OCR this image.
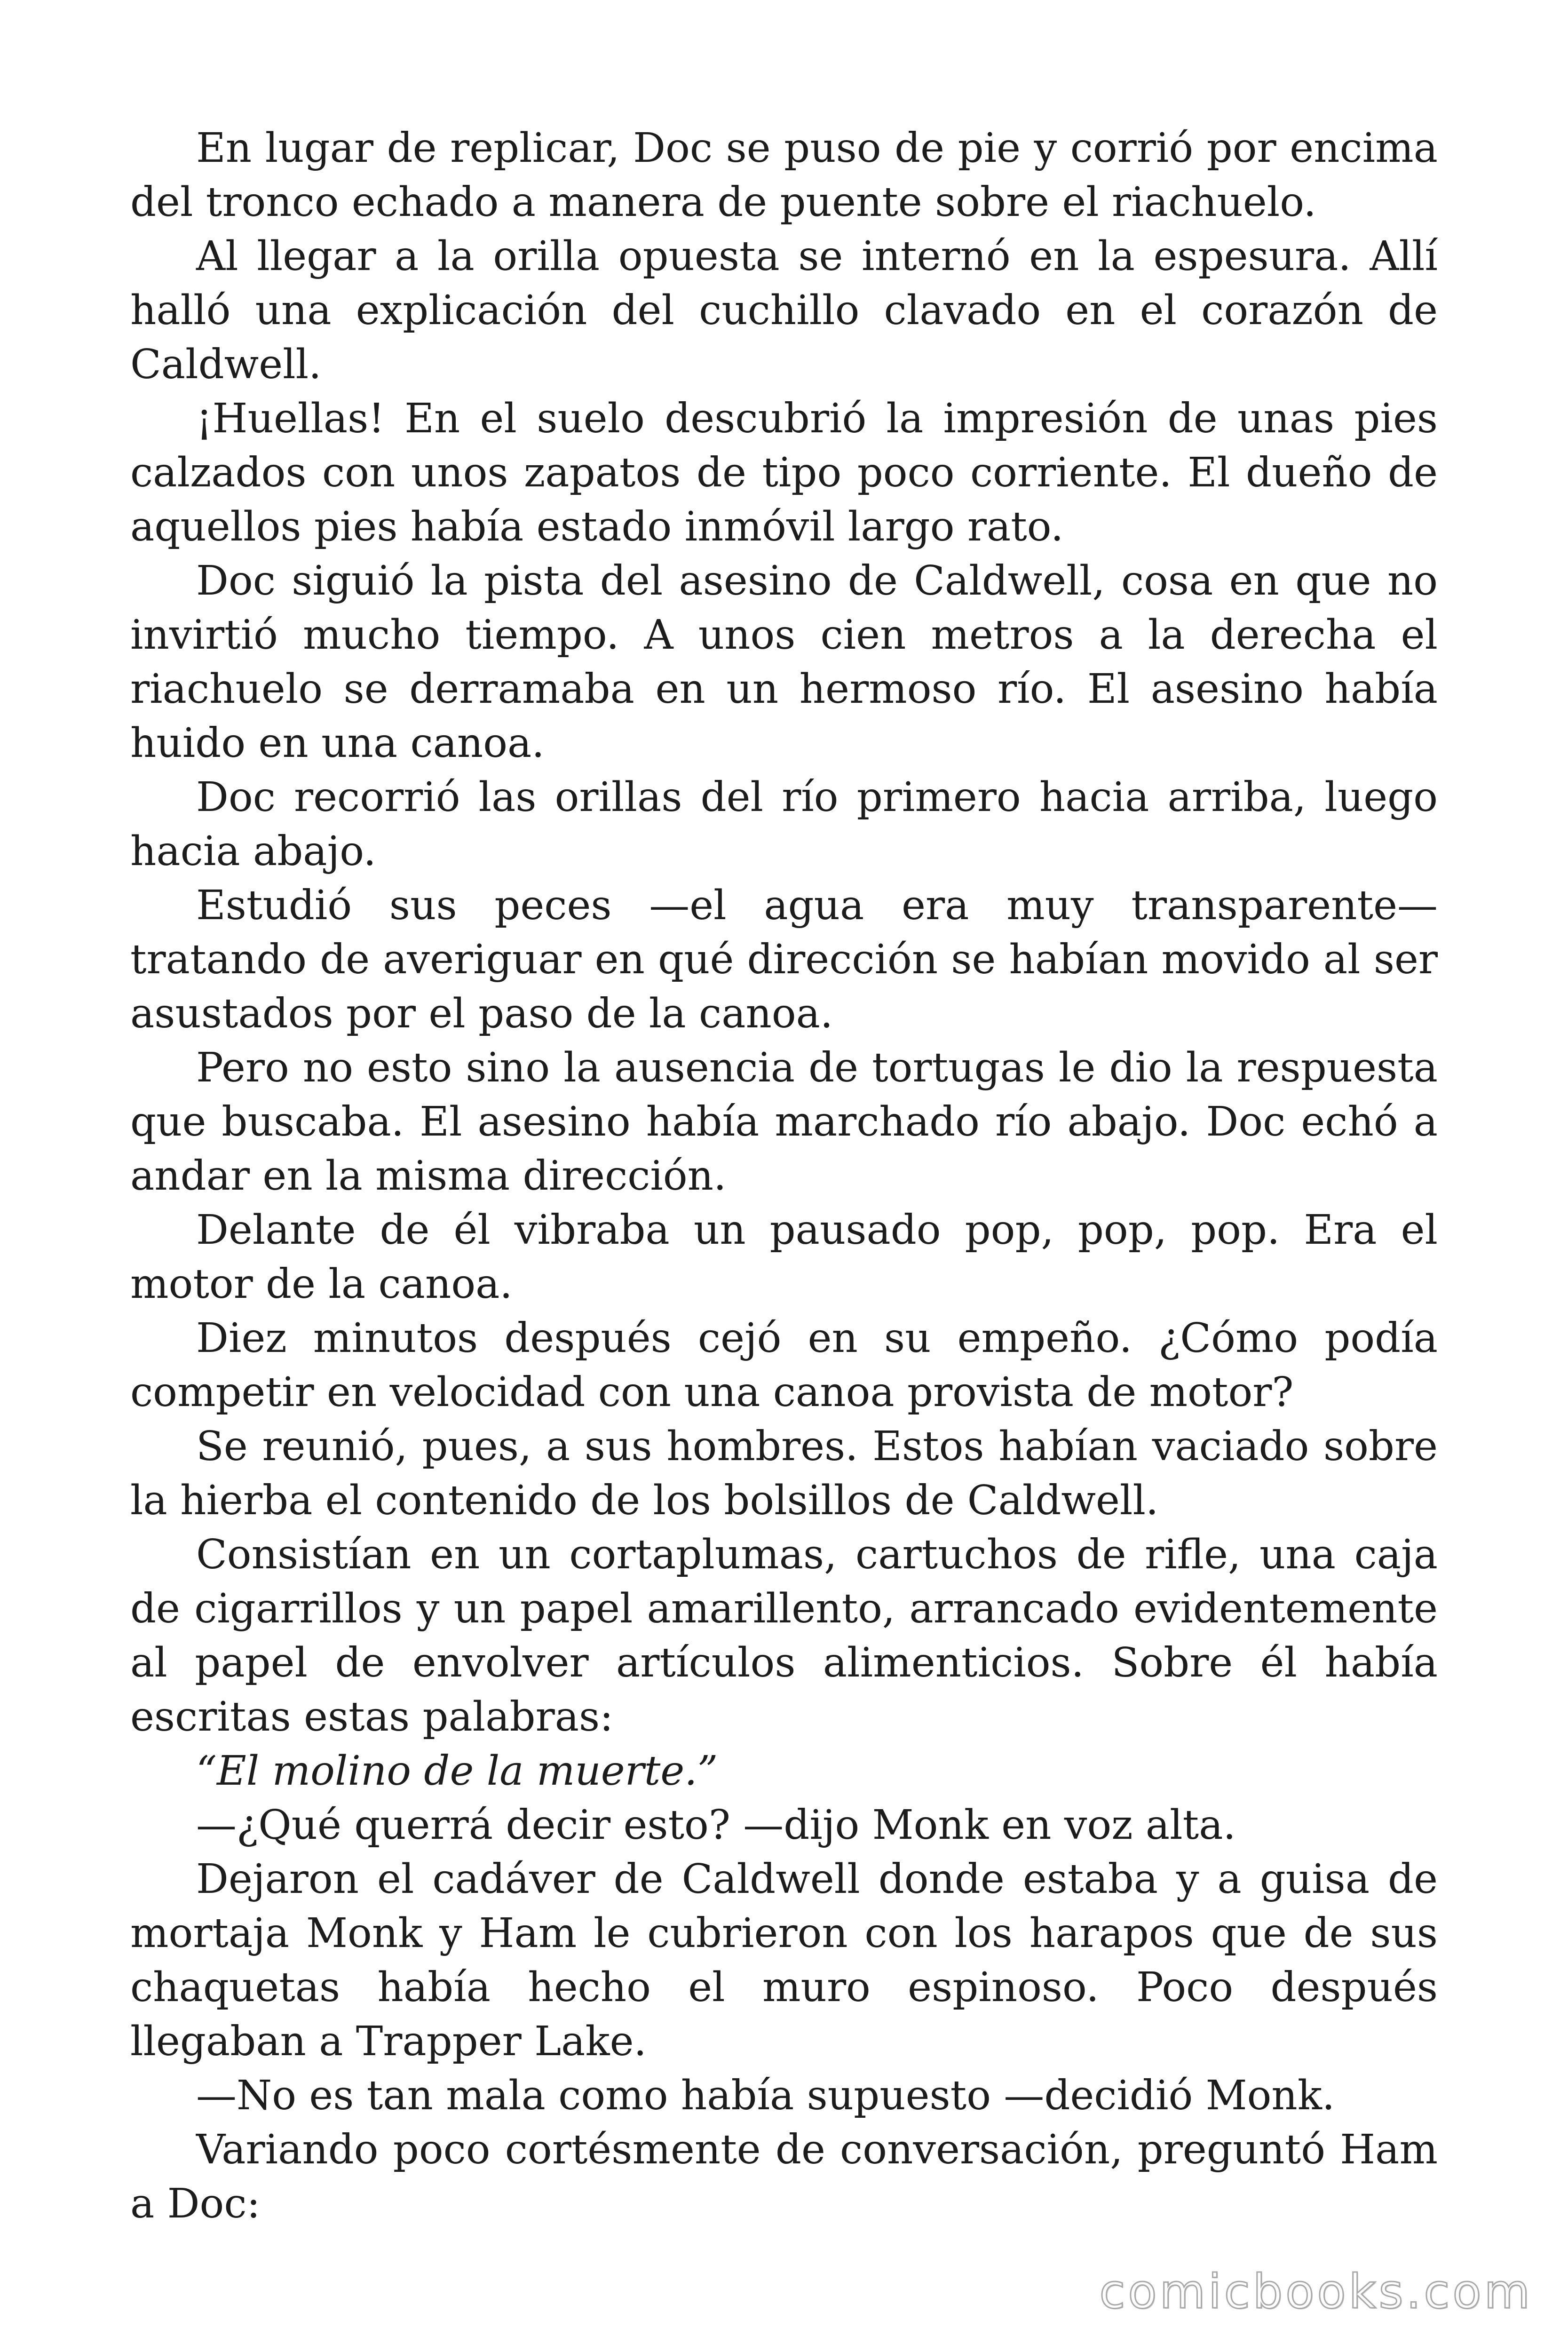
En lugar de replicar, Doc se puso de pie y corrió por encima del tronco echado a manera de puente sobre el riachuelo.

Al llegar a la orilla opuesta se internó en la espesura. Allí halló una explicación del cuchillo clavado en el corazón de Caldwell.

¡Huellas! En el suelo descubrió la impresión de unas pies calzados con unos zapatos de tipo poco corriente. El dueño de aquellos pies había estado inmóvil largo rato.

Doc siguió la pista del asesino de Caldwell, cosa en que no invirtió mucho tiempo. A unos cien metros a la derecha el riachuelo se derramaba en un hermoso río. El asesino había huido en una canoa.

Doc recorrió las orillas del río primero hacia arriba, luego hacia abajo.

Estudió sus peces —el agua era muy transparente— tratando de averiguar en qué dirección se habían movido al ser asustados por el paso de la canoa.

Pero no esto sino la ausencia de tortugas le dio la respuesta que buscaba. El asesino había marchado río abajo. Doc echó a andar en la misma dirección.

Delante de él vibraba un pausado pop, pop, pop. Era el motor de la canoa.

Diez minutos después cejó en su empeño. ¿Cómo podía competir en velocidad con una canoa provista de motor?

Se reunió, pues, a sus hombres. Estos habían vaciado sobre la hierba el contenido de los bolsillos de Caldwell.

Consistían en un cortaplumas, cartuchos de rifle, una caja de cigarrillos y un papel amarillento, arrancado evidentemente al papel de envolver artículos alimenticios. Sobre él había escritas estas palabras:

“El molino de la muerte.”

—¿Qué querrá decir esto? —dijo Monk en voz alta.

Dejaron el cadáver de Caldwell donde estaba y a guisa de mortaja Monk y Ham le cubrieron con los harapos que de sus chaquetas había hecho el muro espinoso. Poco después llegaban a Trapper Lake.

—No es tan mala como había supuesto —decidió Monk.

Variando poco cortésmente de conversación, preguntó Ham a Doc:

comicbooks.com
